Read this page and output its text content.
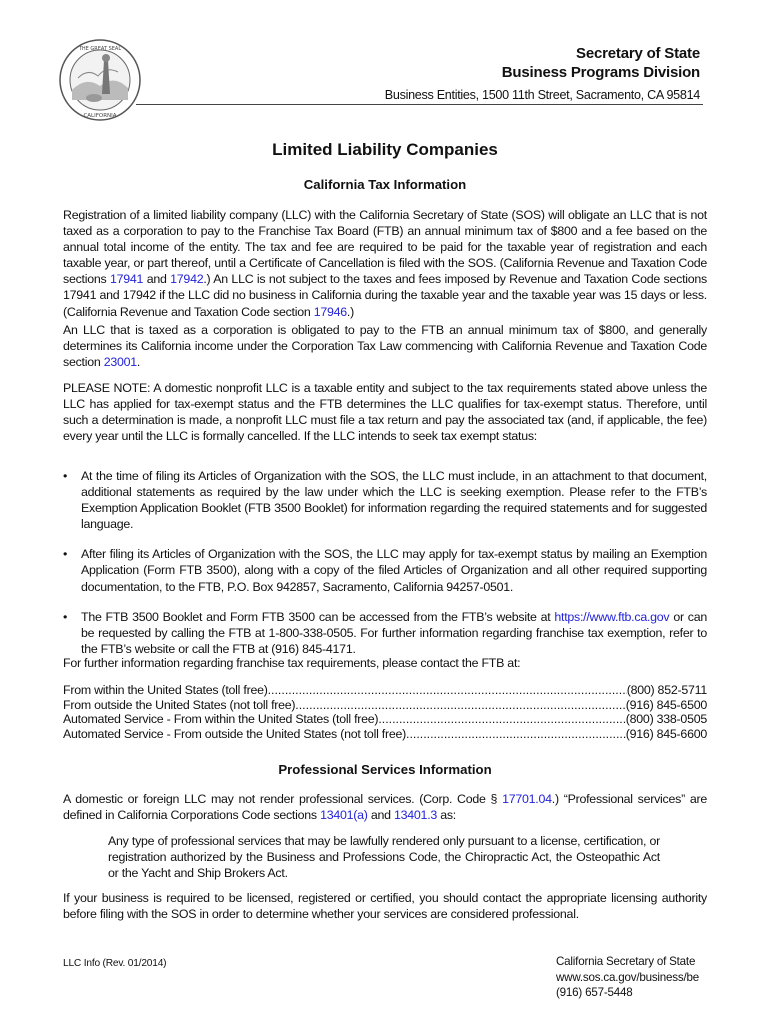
THE GREAT SEAL
CALIFORNIA
Secretary of State
Business Programs Division
Business Entities, 1500 11th Street, Sacramento, CA 95814
Limited Liability Companies
California Tax Information

Registration of a limited liability company (LLC) with the California Secretary of State (SOS) will obligate an LLC that is not taxed as a corporation to pay to the Franchise Tax Board (FTB) an annual minimum tax of $800 and a fee based on the annual total income of the entity. The tax and fee are required to be paid for the taxable year of registration and each taxable year, or part thereof, until a Certificate of Cancellation is filed with the SOS. (California Revenue and Taxation Code sections 17941 and 17942.) An LLC is not subject to the taxes and fees imposed by Revenue and Taxation Code sections 17941 and 17942 if the LLC did no business in California during the taxable year and the taxable year was 15 days or less. (California Revenue and Taxation Code section 17946.)

An LLC that is taxed as a corporation is obligated to pay to the FTB an annual minimum tax of $800, and generally determines its California income under the Corporation Tax Law commencing with California Revenue and Taxation Code section 23001.

PLEASE NOTE: A domestic nonprofit LLC is a taxable entity and subject to the tax requirements stated above unless the LLC has applied for tax-exempt status and the FTB determines the LLC qualifies for tax-exempt status. Therefore, until such a determination is made, a nonprofit LLC must file a tax return and pay the associated tax (and, if applicable, the fee) every year until the LLC is formally cancelled. If the LLC intends to seek tax exempt status:

• At the time of filing its Articles of Organization with the SOS, the LLC must include, in an attachment to that document, additional statements as required by the law under which the LLC is seeking exemption. Please refer to the FTB’s Exemption Application Booklet (FTB 3500 Booklet) for information regarding the required statements and for suggested language.
• After filing its Articles of Organization with the SOS, the LLC may apply for tax-exempt status by mailing an Exemption Application (Form FTB 3500), along with a copy of the filed Articles of Organization and all other required supporting documentation, to the FTB, P.O. Box 942857, Sacramento, California 94257-0501.
• The FTB 3500 Booklet and Form FTB 3500 can be accessed from the FTB’s website at https://www.ftb.ca.gov or can be requested by calling the FTB at 1-800-338-0505. For further information regarding franchise tax exemption, refer to the FTB’s website or call the FTB at (916) 845-4171.

For further information regarding franchise tax requirements, please contact the FTB at:

From within the United States (toll free) .....	(800) 852-5711
From outside the United States (not toll free) .....	(916) 845-6500
Automated Service - From within the United States (toll free) .....	(800) 338-0505
Automated Service - From outside the United States (not toll free) .....	(916) 845-6600
Professional Services Information

A domestic or foreign LLC may not render professional services. (Corp. Code § 17701.04.) “Professional services” are defined in California Corporations Code sections 13401(a) and 13401.3 as:

Any type of professional services that may be lawfully rendered only pursuant to a license, certification, or registration authorized by the Business and Professions Code, the Chiropractic Act, the Osteopathic Act or the Yacht and Ship Brokers Act.

If your business is required to be licensed, registered or certified, you should contact the appropriate licensing authority before filing with the SOS in order to determine whether your services are considered professional.

LLC Info (Rev. 01/2014)	California Secretary of State
www.sos.ca.gov/business/be
(916) 657-5448
